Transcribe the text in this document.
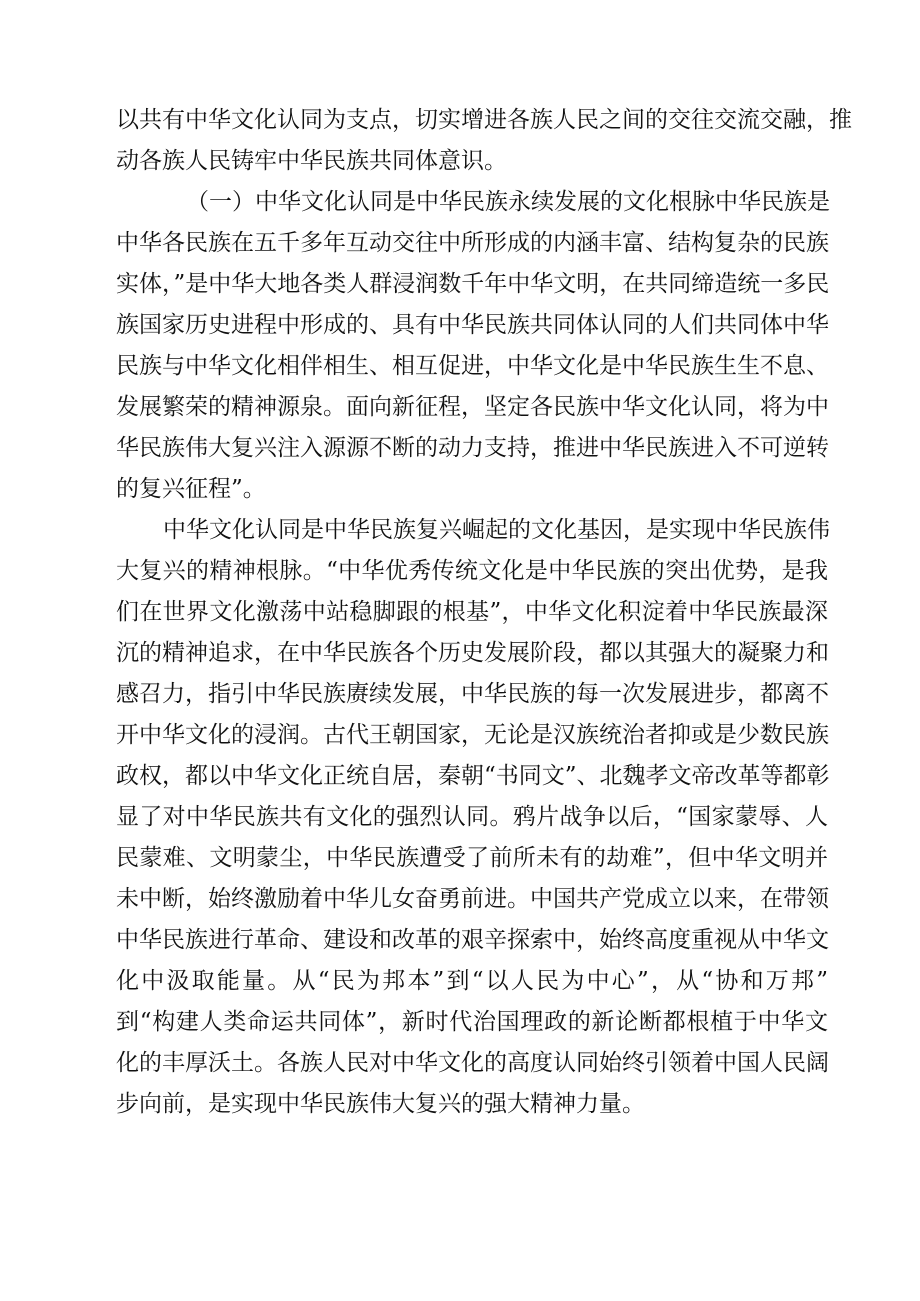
以共有中华文化认同为支点，切实增进各族人民之间的交往交流交融，推
动各族人民铸牢中华民族共同体意识。
（一）中华文化认同是中华民族永续发展的文化根脉中华民族是
中华各民族在五千多年互动交往中所形成的内涵丰富、结构复杂的民族
实体，”是中华大地各类人群浸润数千年中华文明，在共同缔造统一多民
族国家历史进程中形成的、具有中华民族共同体认同的人们共同体中华
民族与中华文化相伴相生、相互促进，中华文化是中华民族生生不息、
发展繁荣的精神源泉。面向新征程，坚定各民族中华文化认同，将为中
华民族伟大复兴注入源源不断的动力支持，推进中华民族进入不可逆转
的复兴征程”。
中华文化认同是中华民族复兴崛起的文化基因，是实现中华民族伟
大复兴的精神根脉。“中华优秀传统文化是中华民族的突出优势，是我
们在世界文化激荡中站稳脚跟的根基”，中华文化积淀着中华民族最深
沉的精神追求，在中华民族各个历史发展阶段，都以其强大的凝聚力和
感召力，指引中华民族赓续发展，中华民族的每一次发展进步，都离不
开中华文化的浸润。古代王朝国家，无论是汉族统治者抑或是少数民族
政权，都以中华文化正统自居，秦朝“书同文”、北魏孝文帝改革等都彰
显了对中华民族共有文化的强烈认同。鸦片战争以后，“国家蒙辱、人
民蒙难、文明蒙尘，中华民族遭受了前所未有的劫难”，但中华文明并
未中断，始终激励着中华儿女奋勇前进。中国共产党成立以来，在带领
中华民族进行革命、建设和改革的艰辛探索中，始终高度重视从中华文
化中汲取能量。从“民为邦本”到“以人民为中心”，从“协和万邦”
到“构建人类命运共同体”，新时代治国理政的新论断都根植于中华文
化的丰厚沃土。各族人民对中华文化的高度认同始终引领着中国人民阔
步向前，是实现中华民族伟大复兴的强大精神力量。
